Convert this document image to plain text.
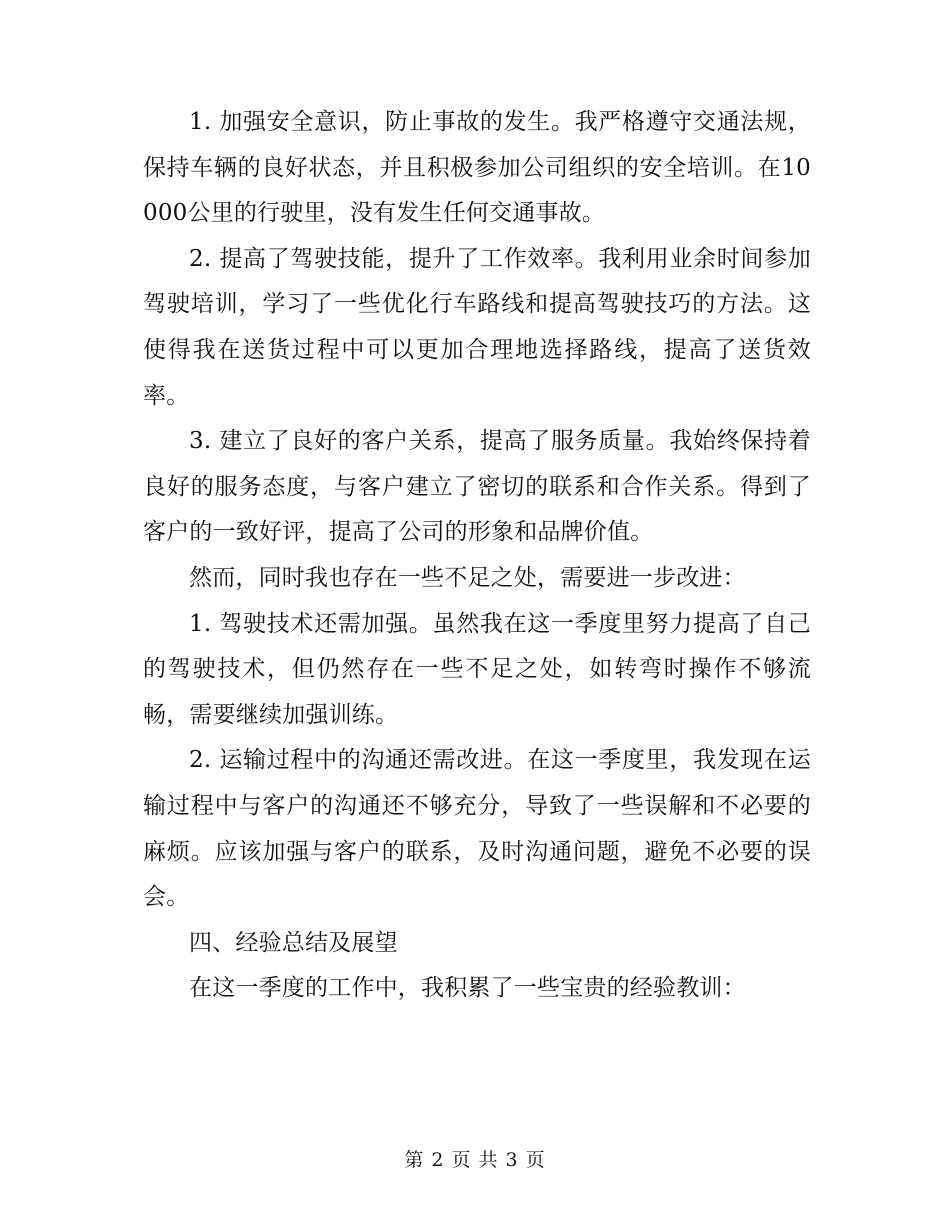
1. 加强安全意识，防止事故的发生。我严格遵守交通法规，保持车辆的良好状态，并且积极参加公司组织的安全培训。在10000公里的行驶里，没有发生任何交通事故。

2. 提高了驾驶技能，提升了工作效率。我利用业余时间参加驾驶培训，学习了一些优化行车路线和提高驾驶技巧的方法。这使得我在送货过程中可以更加合理地选择路线，提高了送货效率。

3. 建立了良好的客户关系，提高了服务质量。我始终保持着良好的服务态度，与客户建立了密切的联系和合作关系。得到了客户的一致好评，提高了公司的形象和品牌价值。

然而，同时我也存在一些不足之处，需要进一步改进：

1. 驾驶技术还需加强。虽然我在这一季度里努力提高了自己的驾驶技术，但仍然存在一些不足之处，如转弯时操作不够流畅，需要继续加强训练。

2. 运输过程中的沟通还需改进。在这一季度里，我发现在运输过程中与客户的沟通还不够充分，导致了一些误解和不必要的麻烦。应该加强与客户的联系，及时沟通问题，避免不必要的误会。

四、经验总结及展望

在这一季度的工作中，我积累了一些宝贵的经验教训：

第 2 页 共 3 页
